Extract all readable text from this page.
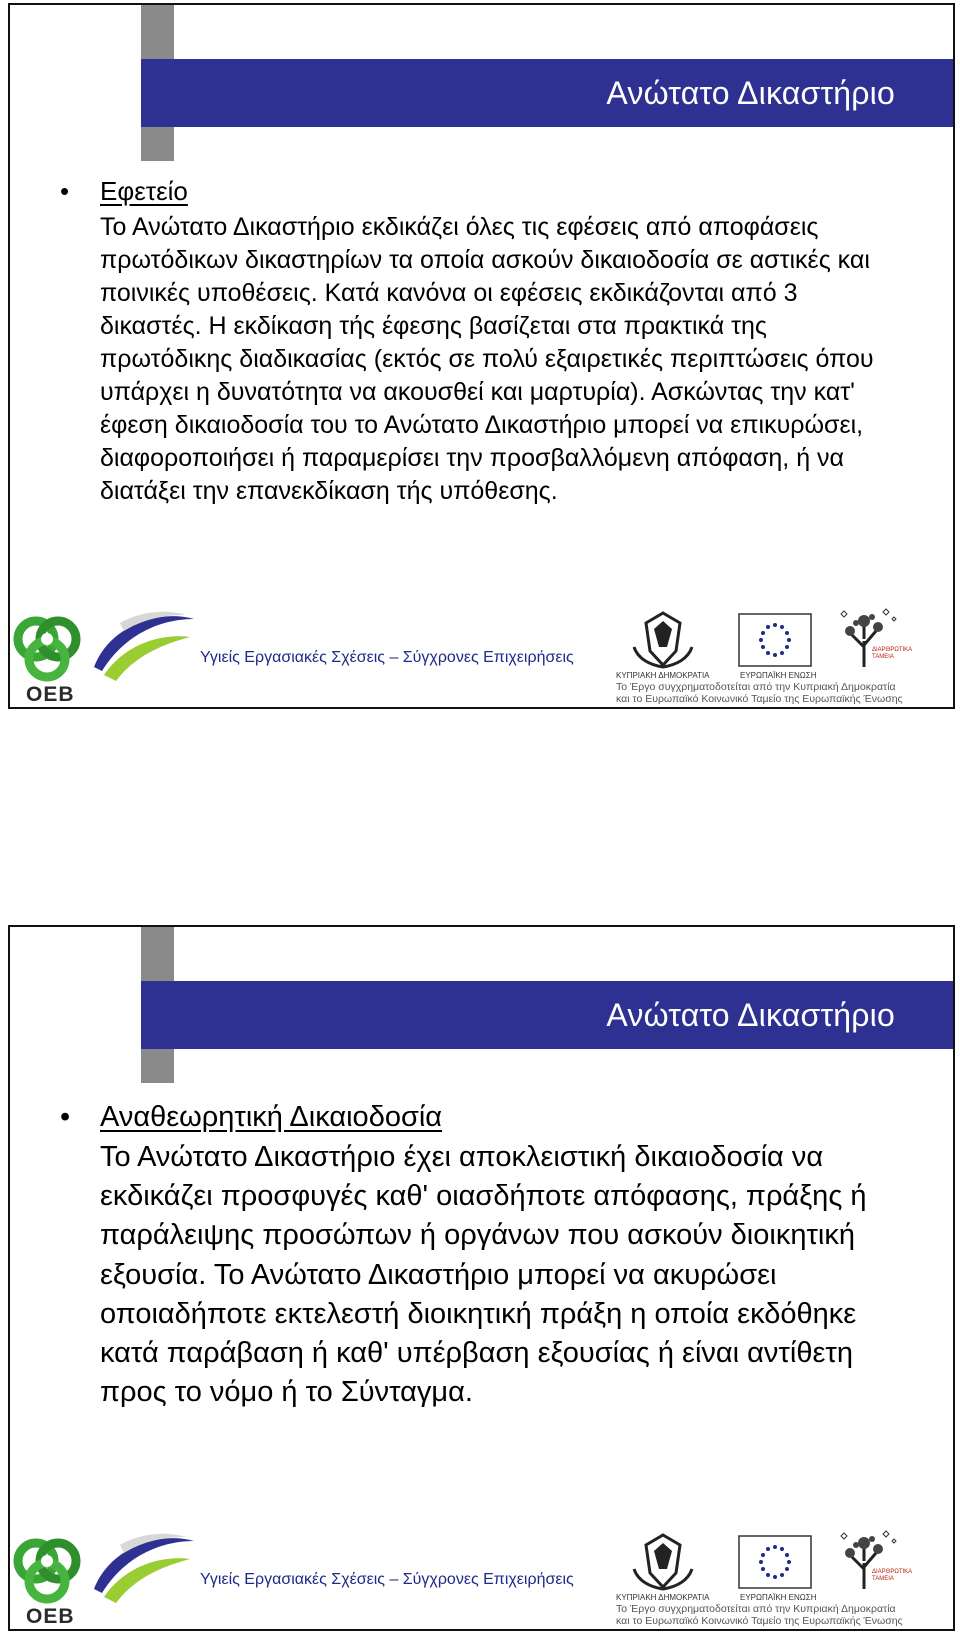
Ανώτατο Δικαστήριο
• Εφετείο
Το Ανώτατο Δικαστήριο εκδικάζει όλες τις εφέσεις από αποφάσεις πρωτόδικων δικαστηρίων τα οποία ασκούν δικαιοδοσία σε αστικές και ποινικές υποθέσεις. Κατά κανόνα οι εφέσεις εκδικάζονται από 3 δικαστές. Η εκδίκαση τής έφεσης βασίζεται στα πρακτικά της πρωτόδικης διαδικασίας (εκτός σε πολύ εξαιρετικές περιπτώσεις όπου υπάρχει η δυνατότητα να ακουσθεί και μαρτυρία). Ασκώντας την κατ' έφεση δικαιοδοσία του το Ανώτατο Δικαστήριο μπορεί να επικυρώσει, διαφοροποιήσει ή παραμερίσει την προσβαλλόμενη απόφαση, ή να διατάξει την επανεκδίκαση τής υπόθεσης.
OEB
Υγιείς Εργασιακές Σχέσεις – Σύγχρονες Επιχειρήσεις
ΚΥΠΡΙΑΚΗ ΔΗΜΟΚΡΑΤΙΑ	ΕΥΡΩΠΑΪΚΗ ΕΝΩΣΗ
ΔΙΑΡΘΡΩΤΙΚΑ ΤΑΜΕΙΑ
Το Έργο συγχρηματοδοτείται από την Κυπριακή Δημοκρατία
και το Ευρωπαϊκό Κοινωνικό Ταμείο της Ευρωπαϊκής Ένωσης
Ανώτατο Δικαστήριο
• Αναθεωρητική Δικαιοδοσία
Το Ανώτατο Δικαστήριο έχει αποκλειστική δικαιοδοσία να εκδικάζει προσφυγές καθ' οιασδήποτε απόφασης, πράξης ή παράλειψης προσώπων ή οργάνων που ασκούν διοικητική εξουσία. Το Ανώτατο Δικαστήριο μπορεί να ακυρώσει οποιαδήποτε εκτελεστή διοικητική πράξη η οποία εκδόθηκε κατά παράβαση ή καθ' υπέρβαση εξουσίας ή είναι αντίθετη προς το νόμο ή το Σύνταγμα.
OEB
Υγιείς Εργασιακές Σχέσεις – Σύγχρονες Επιχειρήσεις
ΚΥΠΡΙΑΚΗ ΔΗΜΟΚΡΑΤΙΑ	ΕΥΡΩΠΑΪΚΗ ΕΝΩΣΗ
ΔΙΑΡΘΡΩΤΙΚΑ ΤΑΜΕΙΑ
Το Έργο συγχρηματοδοτείται από την Κυπριακή Δημοκρατία
και το Ευρωπαϊκό Κοινωνικό Ταμείο της Ευρωπαϊκής Ένωσης
